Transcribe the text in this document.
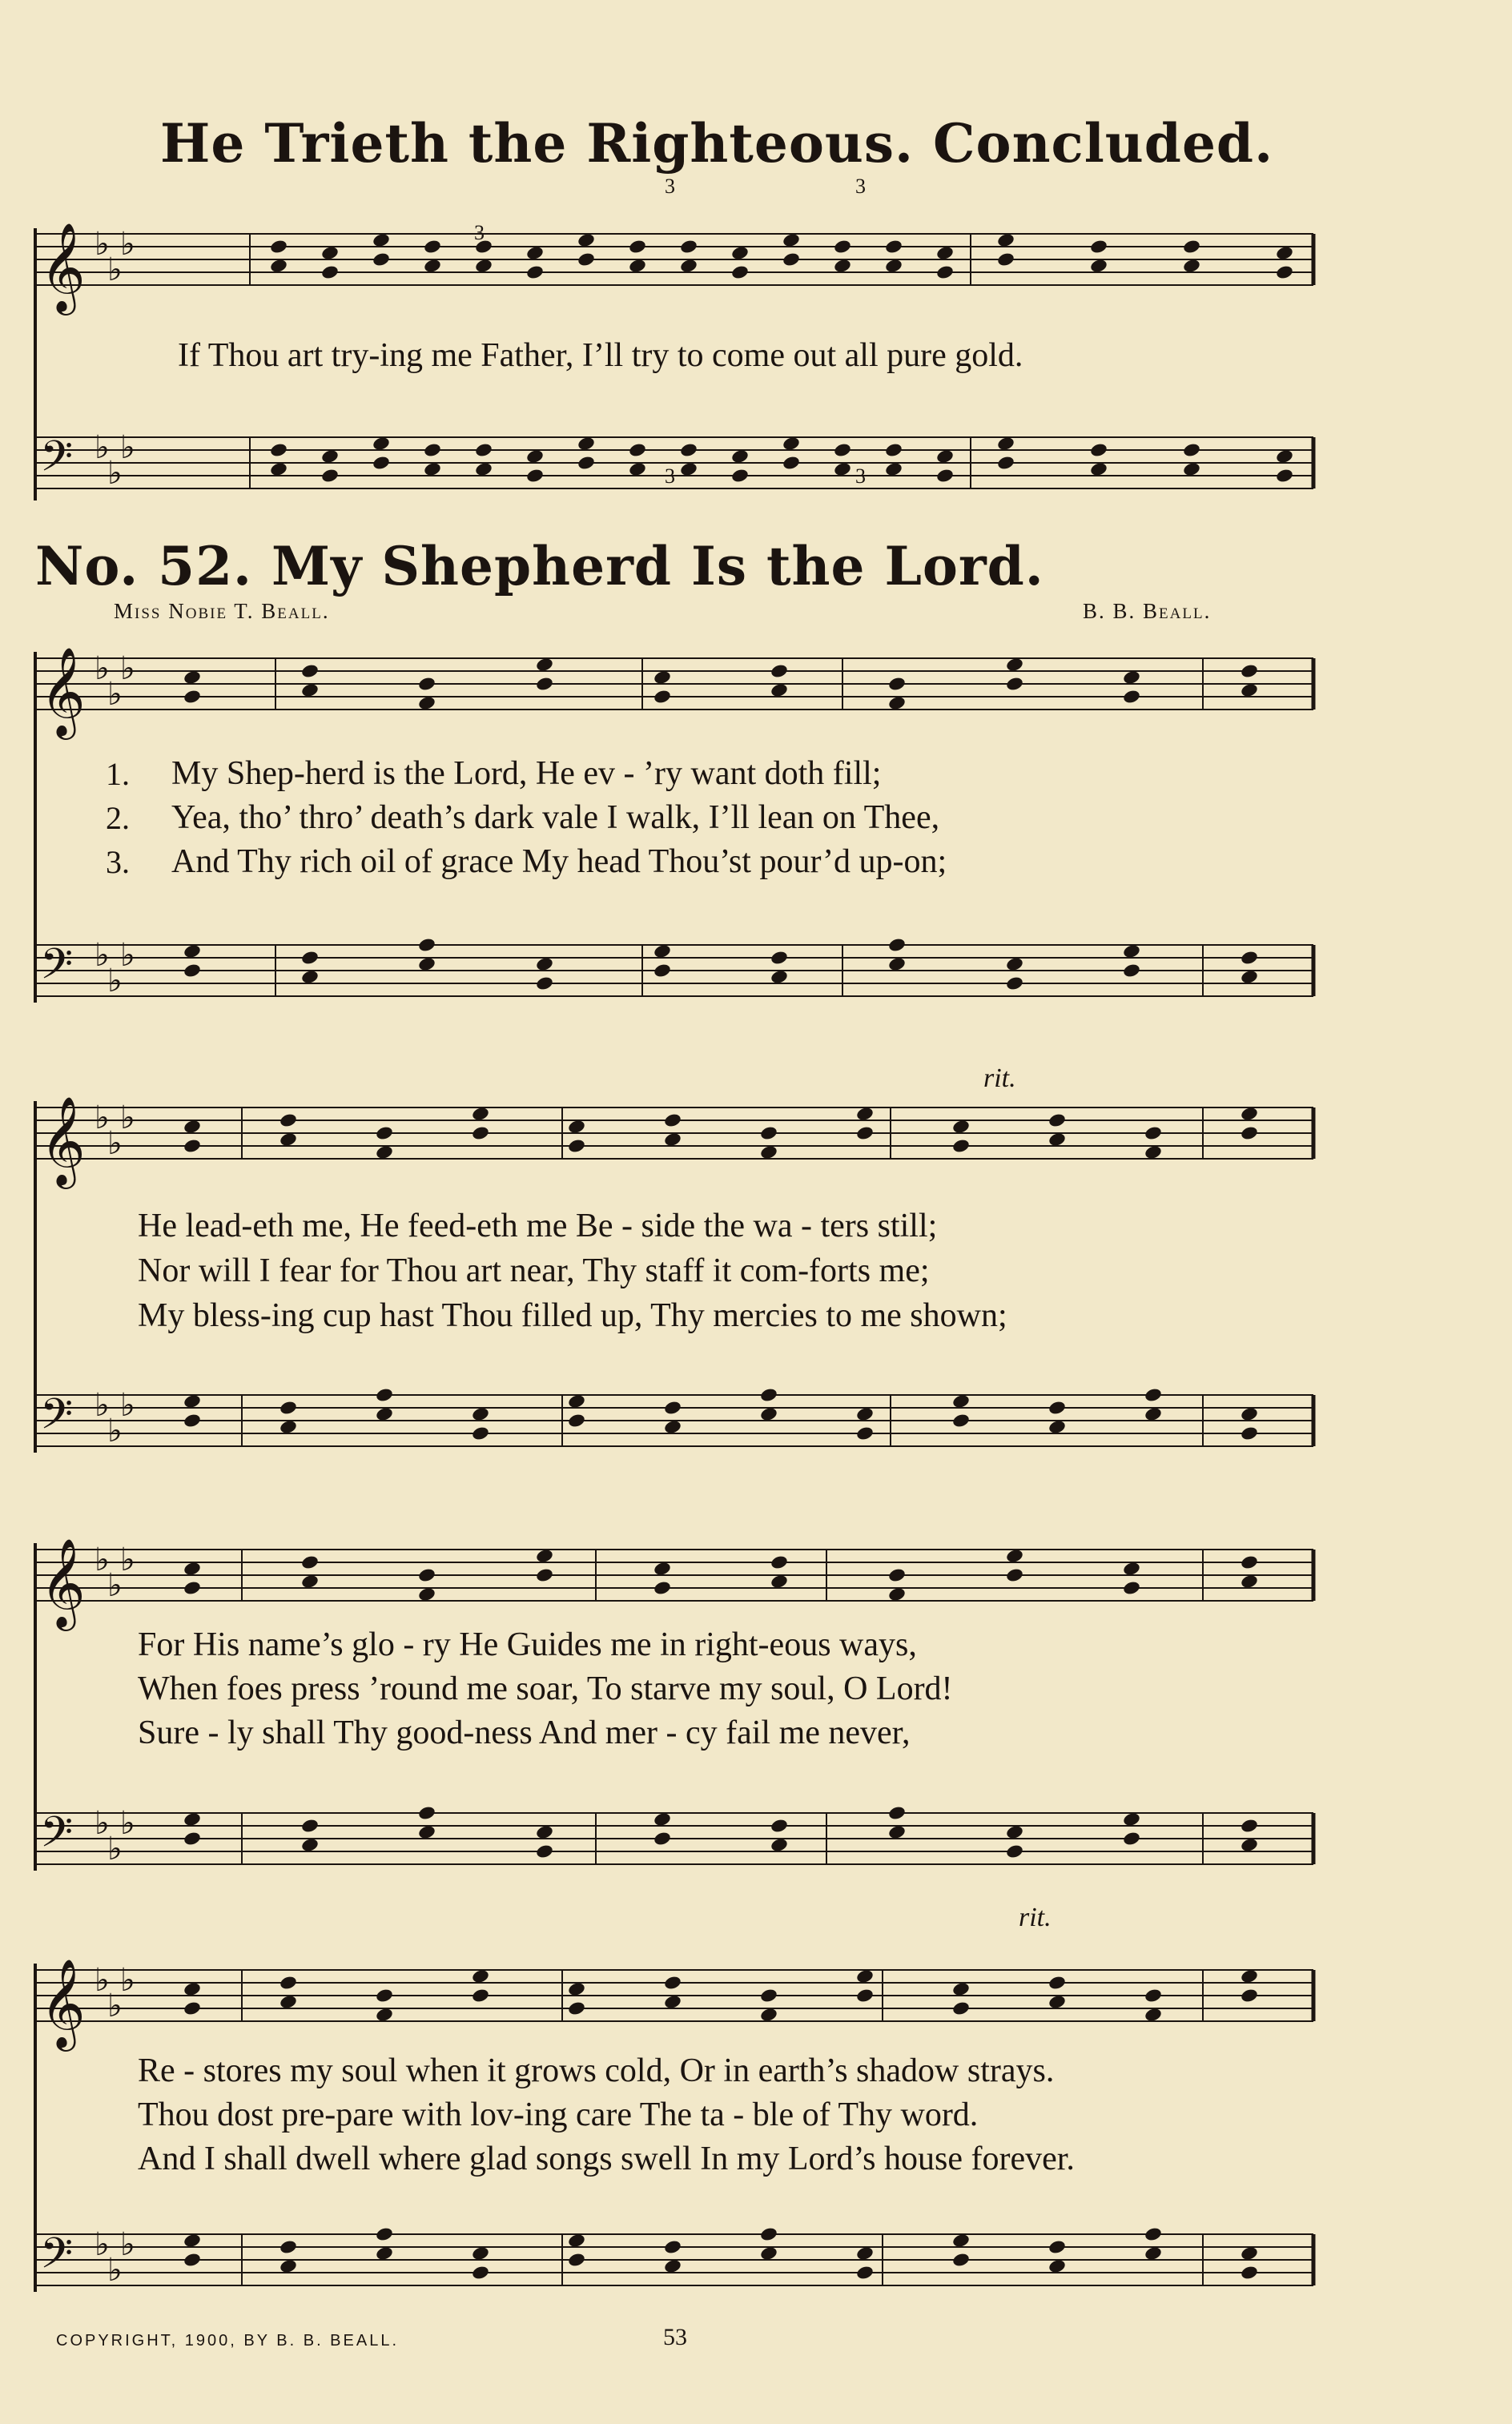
He Trieth the Righteous. Concluded.
No. 52. My Shepherd Is the Lord.
Miss Nobie T. Beall.	B. B. Beall.
𝄞 ♭
♭
♭
𝄢 ♭
♭
♭
𝄞 ♭
♭
♭
𝄢 ♭
♭
♭
𝄞 ♭
♭
♭
𝄢 ♭
♭
♭
𝄞 ♭
♭
♭
𝄢 ♭
♭
♭
𝄞 ♭
♭
♭
𝄢 ♭
♭
♭
3	3
3
3	3
If Thou art try-ing me Father, I’ll try to come out all pure gold.
1.
2.
3.
My Shep-herd is the Lord, He ev - ’ry want doth fill;
Yea, tho’ thro’ death’s dark vale I walk, I’ll lean on Thee,
And Thy rich oil of grace My head Thou’st pour’d up-on;
rit.
He lead-eth me, He feed-eth me Be - side the wa - ters still;
Nor will I fear for Thou art near, Thy staff it com-forts me;
My bless-ing cup hast Thou filled up, Thy mercies to me shown;
For His name’s glo - ry He Guides me in right-eous ways,
When foes press ’round me soar, To starve my soul, O Lord!
Sure - ly shall Thy good-ness And mer - cy fail me never,
rit.
Re - stores my soul when it grows cold, Or in earth’s shadow strays.
Thou dost pre-pare with lov-ing care The ta - ble of Thy word.
And I shall dwell where glad songs swell In my Lord’s house forever.
COPYRIGHT, 1900, BY B. B. BEALL.	53
